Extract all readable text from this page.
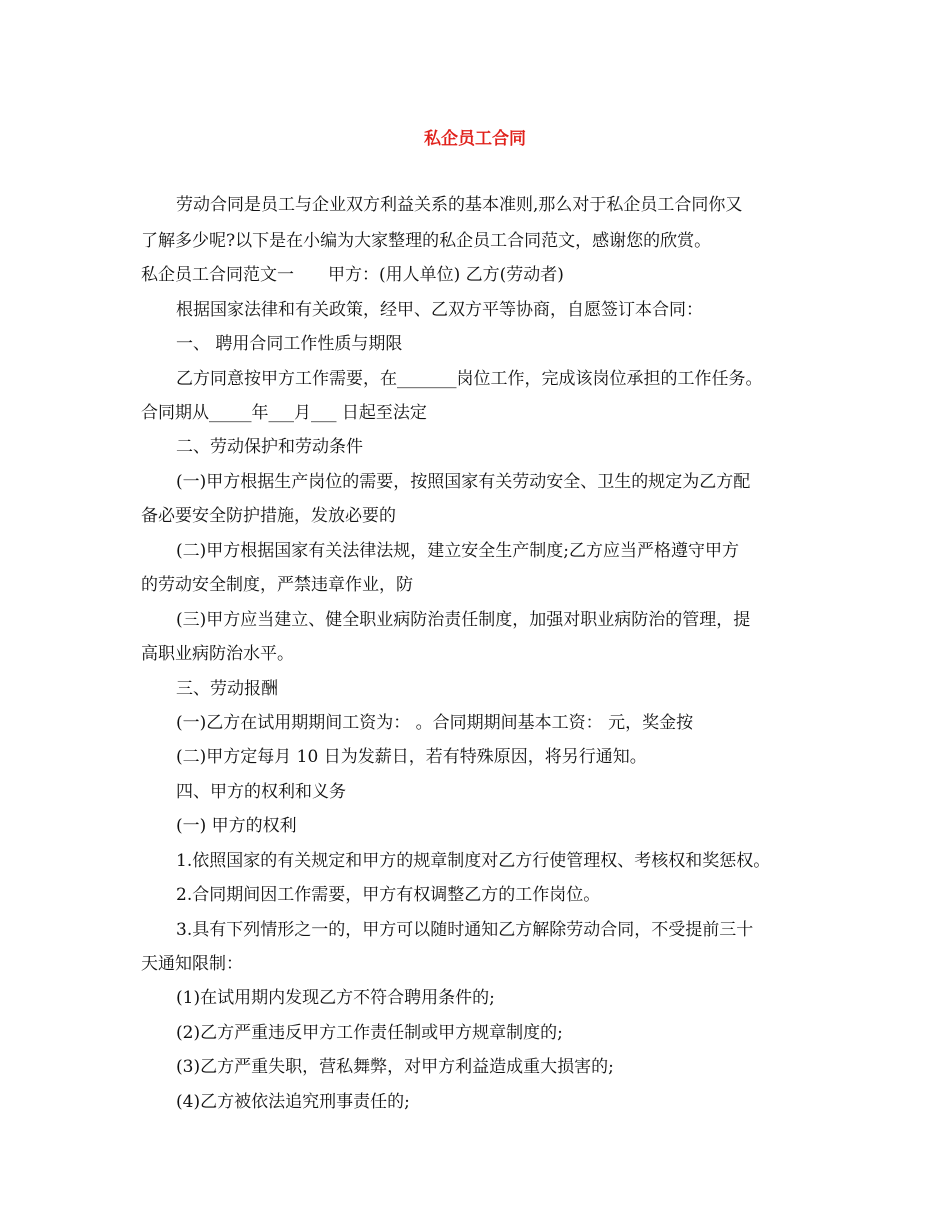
私企员工合同
劳动合同是员工与企业双方利益关系的基本准则,那么对于私企员工合同你又
了解多少呢?以下是在小编为大家整理的私企员工合同范文，感谢您的欣赏。
私企员工合同范文一　　甲方：(用人单位) 乙方(劳动者)
根据国家法律和有关政策，经甲、乙双方平等协商，自愿签订本合同：
一、 聘用合同工作性质与期限
乙方同意按甲方工作需要，在_______岗位工作，完成该岗位承担的工作任务。
合同期从_____年___月___ 日起至法定
二、劳动保护和劳动条件
(一)甲方根据生产岗位的需要，按照国家有关劳动安全、卫生的规定为乙方配
备必要安全防护措施，发放必要的
(二)甲方根据国家有关法律法规，建立安全生产制度;乙方应当严格遵守甲方
的劳动安全制度，严禁违章作业，防
(三)甲方应当建立、健全职业病防治责任制度，加强对职业病防治的管理，提
高职业病防治水平。
三、劳动报酬
(一)乙方在试用期期间工资为： 。合同期期间基本工资： 元，奖金按
(二)甲方定每月 10 日为发薪日，若有特殊原因，将另行通知。
四、甲方的权利和义务
(一) 甲方的权利
1.依照国家的有关规定和甲方的规章制度对乙方行使管理权、考核权和奖惩权。
2.合同期间因工作需要，甲方有权调整乙方的工作岗位。
3.具有下列情形之一的，甲方可以随时通知乙方解除劳动合同，不受提前三十
天通知限制：
(1)在试用期内发现乙方不符合聘用条件的;
(2)乙方严重违反甲方工作责任制或甲方规章制度的;
(3)乙方严重失职，营私舞弊，对甲方利益造成重大损害的;
(4)乙方被依法追究刑事责任的;
